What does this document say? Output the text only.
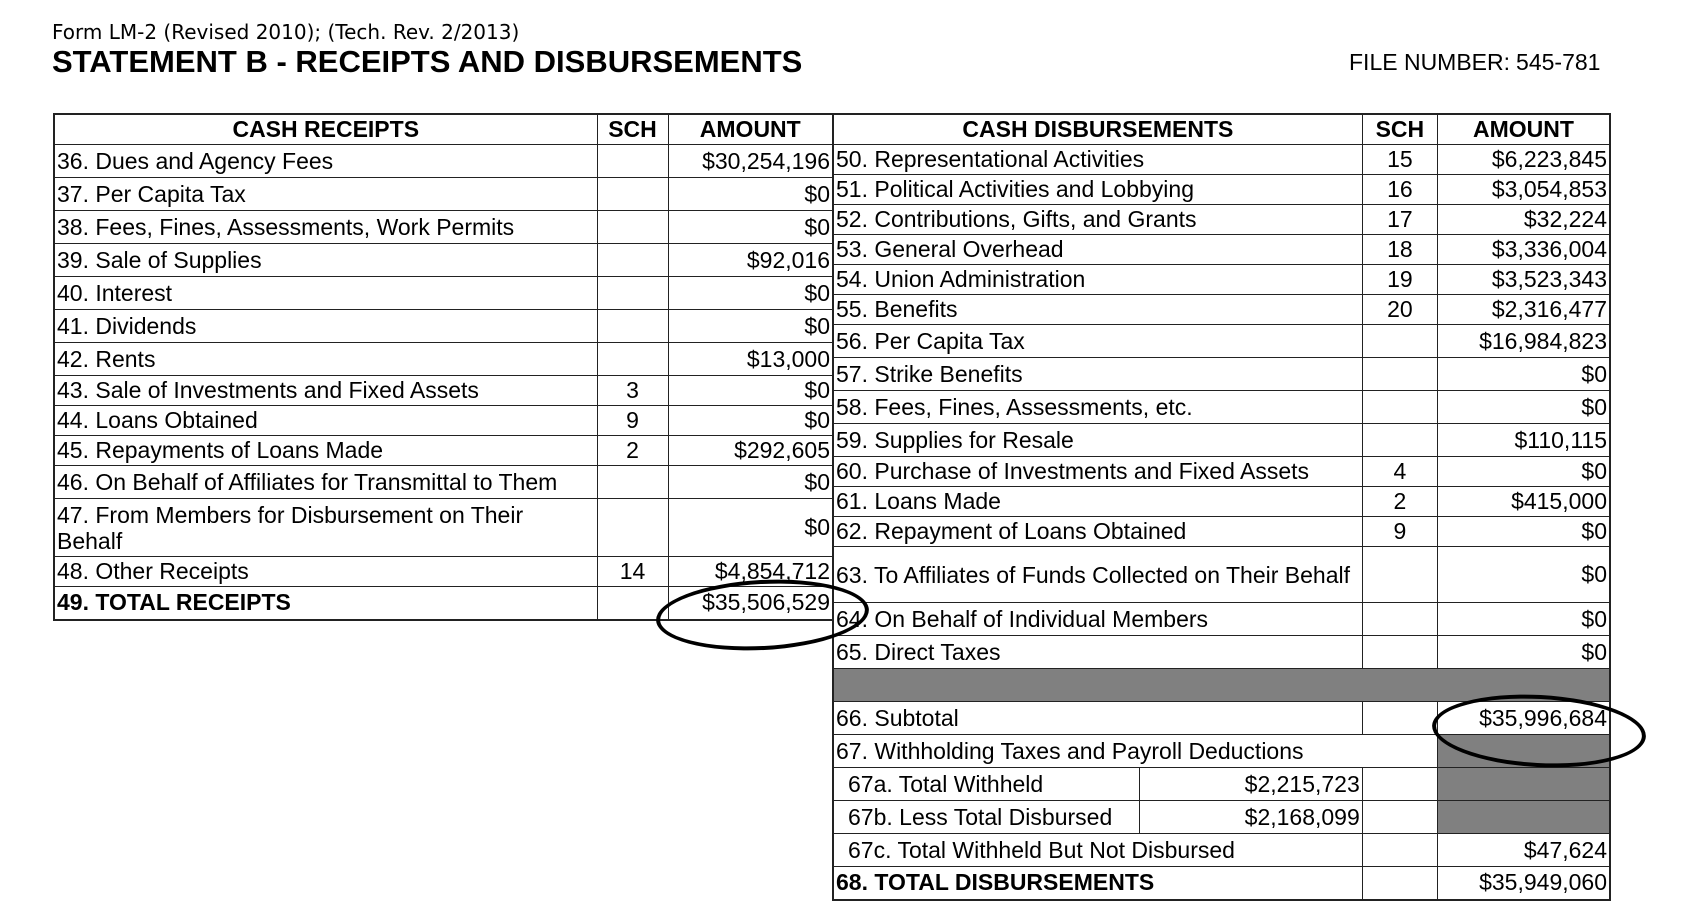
Form LM-2 (Revised 2010); (Tech. Rev. 2/2013)
STATEMENT B - RECEIPTS AND DISBURSEMENTS	FILE NUMBER: 545-781
CASH RECEIPTS	SCH	AMOUNT
36. Dues and Agency Fees		$30,254,196
37. Per Capita Tax		$0
38. Fees, Fines, Assessments, Work Permits		$0
39. Sale of Supplies		$92,016
40. Interest		$0
41. Dividends		$0
42. Rents		$13,000
43. Sale of Investments and Fixed Assets	3	$0
44. Loans Obtained	9	$0
45. Repayments of Loans Made	2	$292,605
46. On Behalf of Affiliates for Transmittal to Them		$0
47. From Members for Disbursement on Their Behalf		$0
48. Other Receipts	14	$4,854,712
49. TOTAL RECEIPTS		$35,506,529
CASH DISBURSEMENTS		SCH	AMOUNT
50. Representational Activities		15	$6,223,845
51. Political Activities and Lobbying		16	$3,054,853
52. Contributions, Gifts, and Grants		17	$32,224
53. General Overhead		18	$3,336,004
54. Union Administration		19	$3,523,343
55. Benefits		20	$2,316,477
56. Per Capita Tax			$16,984,823
57. Strike Benefits			$0
58. Fees, Fines, Assessments, etc.			$0
59. Supplies for Resale			$110,115
60. Purchase of Investments and Fixed Assets		4	$0
61. Loans Made		2	$415,000
62. Repayment of Loans Obtained		9	$0
63. To Affiliates of Funds Collected on Their Behalf			$0
64. On Behalf of Individual Members			$0
65. Direct Taxes			$0

66. Subtotal			$35,996,684
67. Withholding Taxes and Payroll Deductions			
67a. Total Withheld	$2,215,723		
67b. Less Total Disbursed	$2,168,099		
67c. Total Withheld But Not Disbursed			$47,624
68. TOTAL DISBURSEMENTS			$35,949,060
